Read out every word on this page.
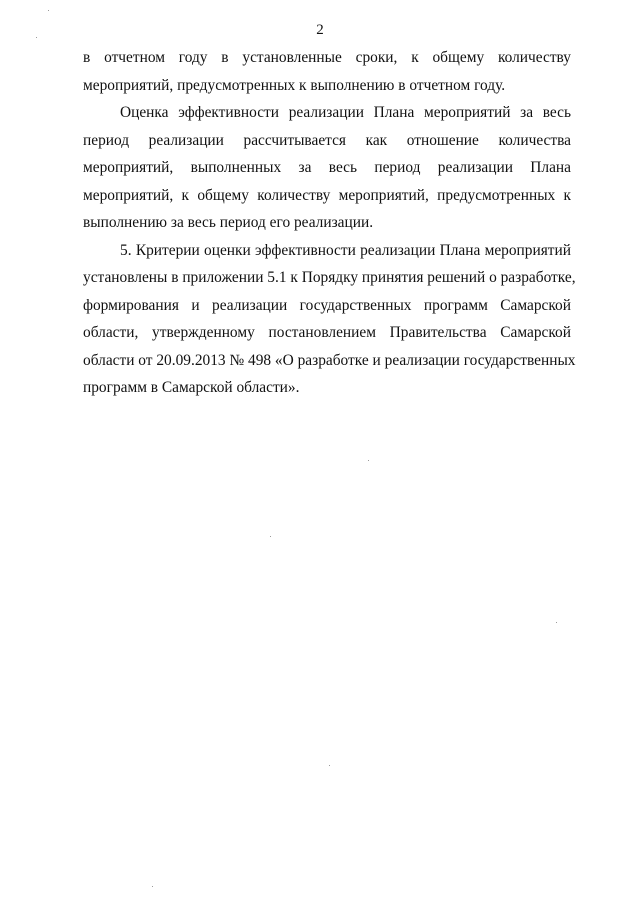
2
в отчетном году в установленные сроки, к общему количеству
мероприятий, предусмотренных к выполнению в отчетном году.
Оценка эффективности реализации Плана мероприятий за весь
период реализации рассчитывается как отношение количества
мероприятий, выполненных за весь период реализации Плана
мероприятий, к общему количеству мероприятий, предусмотренных к
выполнению за весь период его реализации.
5. Критерии оценки эффективности реализации Плана мероприятий
установлены в приложении 5.1 к Порядку принятия решений о разработке,
формирования и реализации государственных программ Самарской
области, утвержденному постановлением Правительства Самарской
области от 20.09.2013 № 498 «О разработке и реализации государственных
программ в Самарской области».
